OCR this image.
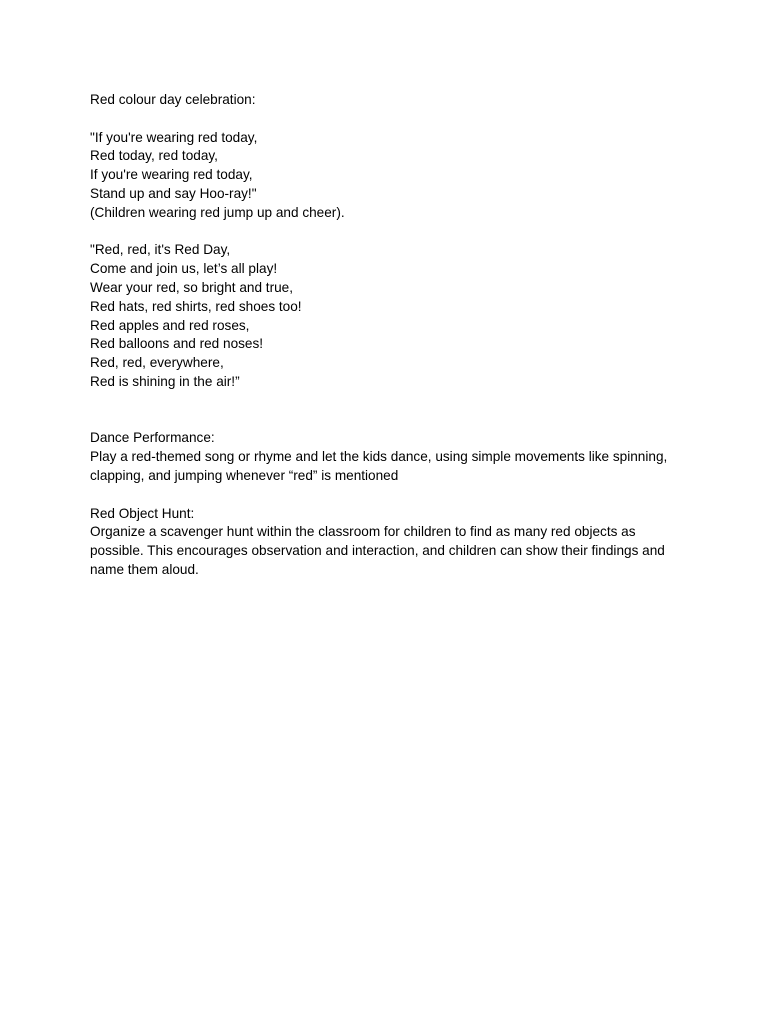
Red colour day celebration:
"If you're wearing red today,
Red today, red today,
If you're wearing red today,
Stand up and say Hoo-ray!"
(Children wearing red jump up and cheer).
"Red, red, it's Red Day,
Come and join us, let’s all play!
Wear your red, so bright and true,
Red hats, red shirts, red shoes too!
Red apples and red roses,
Red balloons and red noses!
Red, red, everywhere,
Red is shining in the air!”
Dance Performance:
Play a red-themed song or rhyme and let the kids dance, using simple movements like spinning,
clapping, and jumping whenever “red” is mentioned
Red Object Hunt:
Organize a scavenger hunt within the classroom for children to find as many red objects as
possible. This encourages observation and interaction, and children can show their findings and
name them aloud.
